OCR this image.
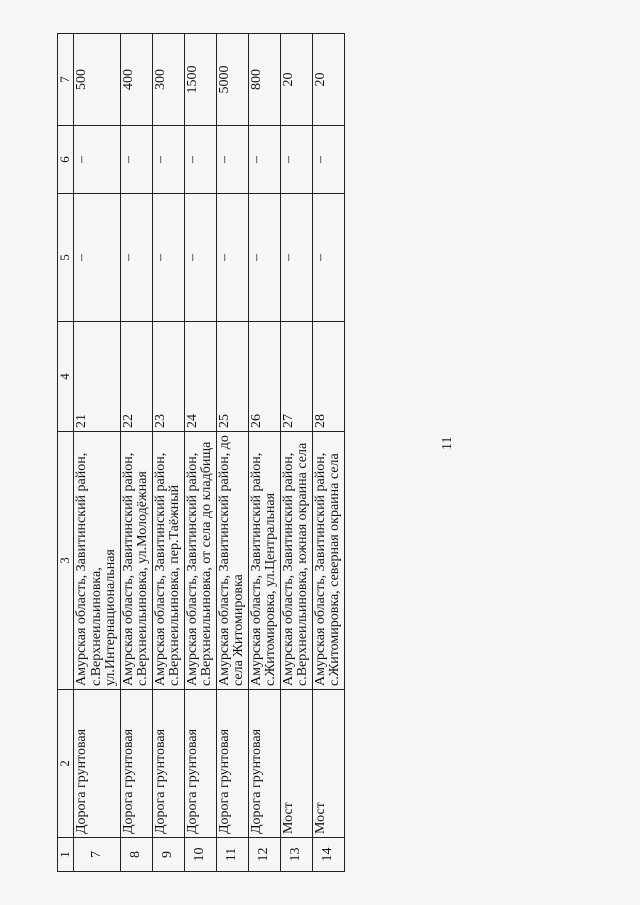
11
1	2	3	4	5	6	7
7	Дорога грунтовая	Амурская область, Завитинский район, с.Верхнеильиновка, ул.Интернациональная	21	–	–	500
8	Дорога грунтовая	Амурская область, Завитинский район, с.Верхнеильиновка, ул.Молодёжная	22	–	–	400
9	Дорога грунтовая	Амурская область, Завитинский район, с.Верхнеильиновка, пер.Таёжный	23	–	–	300
10	Дорога грунтовая	Амурская область, Завитинский район, с.Верхнеильиновка, от села до кладбища	24	–	–	1500
11	Дорога грунтовая	Амурская область, Завитинский район, до села Житомировка	25	–	–	5000
12	Дорога грунтовая	Амурская область, Завитинский район, с.Житомировка, ул.Центральная	26	–	–	800
13	Мост	Амурская область, Завитинский район, с.Верхнеильиновка, южная окраина села	27	–	–	20
14	Мост	Амурская область, Завитинский район, с.Житомировка, северная окраина села	28	–	–	20
